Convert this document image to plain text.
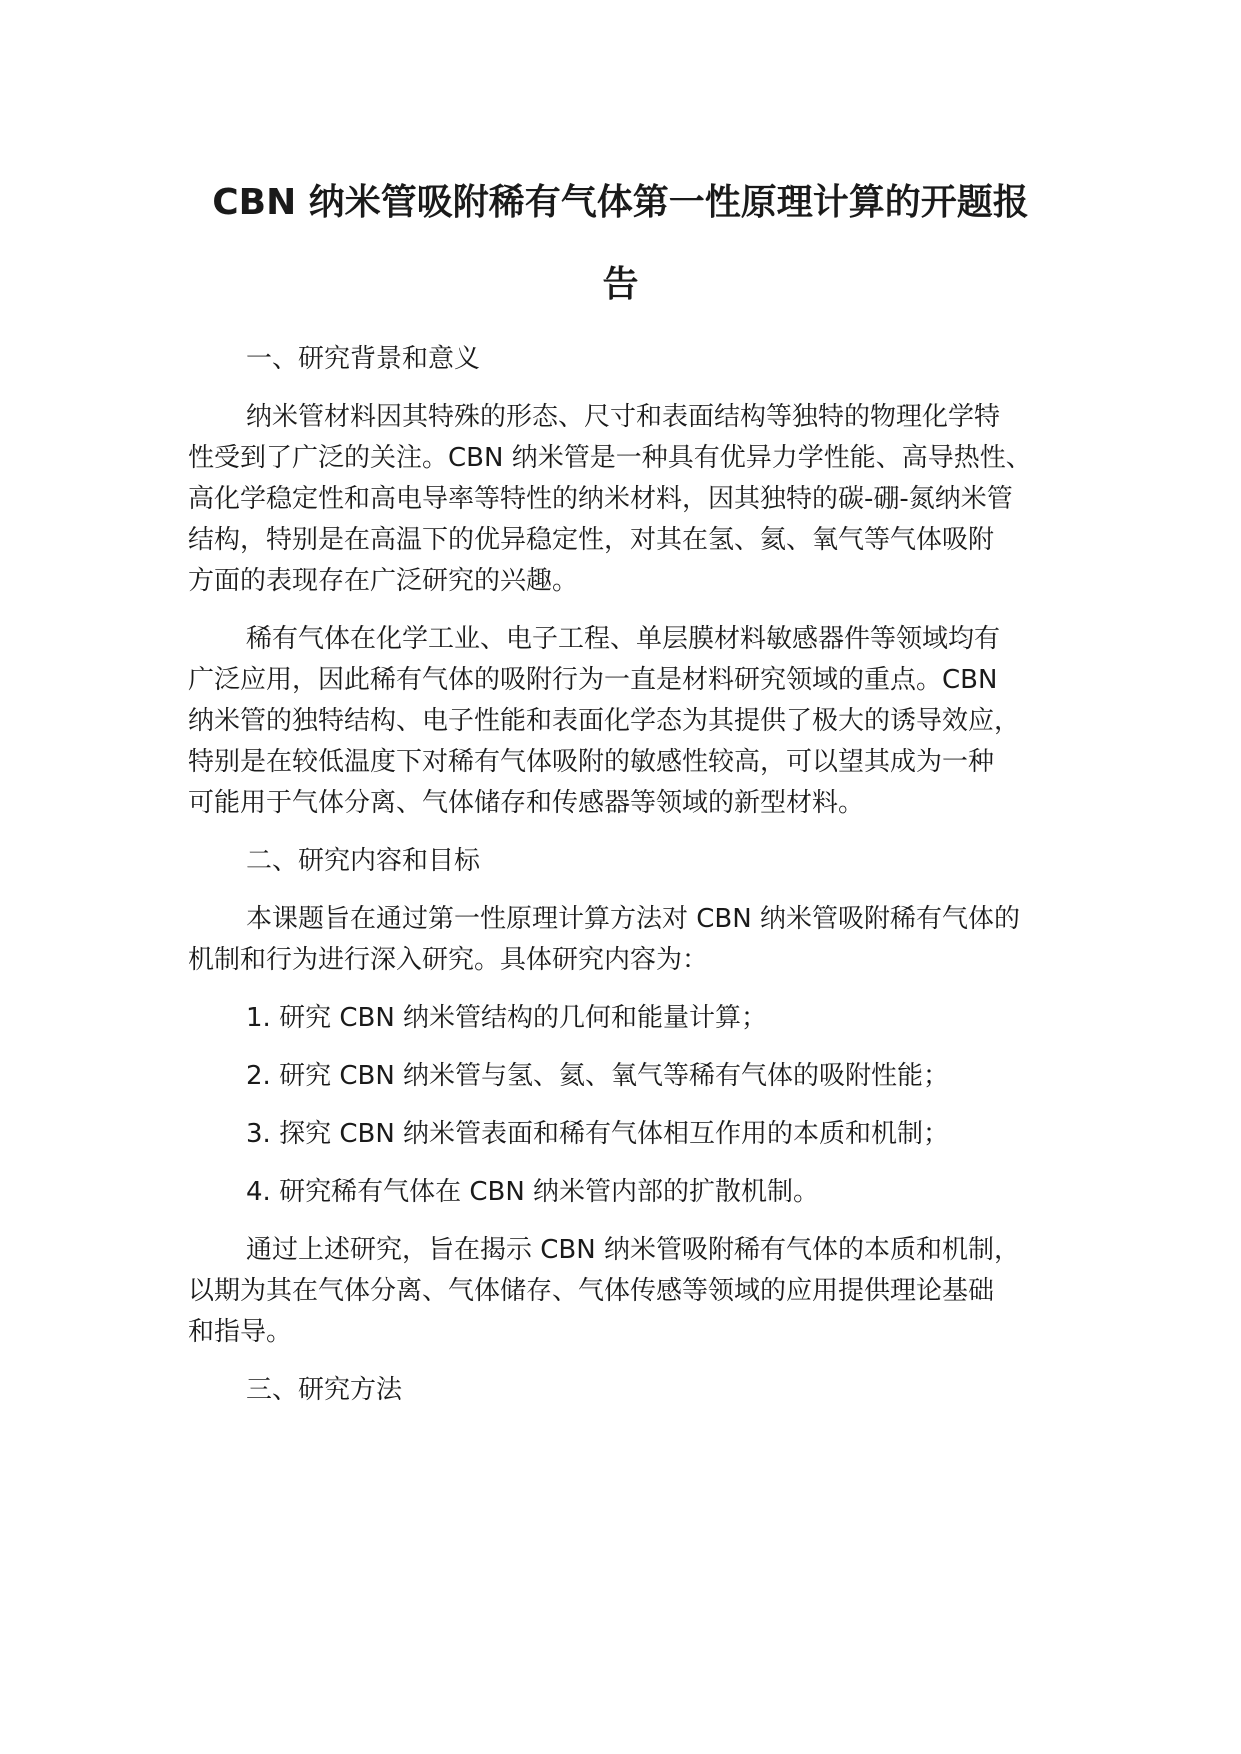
CBN 纳米管吸附稀有气体第一性原理计算的开题报
告

一、研究背景和意义

纳米管材料因其特殊的形态、尺寸和表面结构等独特的物理化学特

性受到了广泛的关注。CBN 纳米管是一种具有优异力学性能、高导热性、

高化学稳定性和高电导率等特性的纳米材料，因其独特的碳-硼-氮纳米管

结构，特别是在高温下的优异稳定性，对其在氢、氦、氧气等气体吸附

方面的表现存在广泛研究的兴趣。

稀有气体在化学工业、电子工程、单层膜材料敏感器件等领域均有

广泛应用，因此稀有气体的吸附行为一直是材料研究领域的重点。CBN

纳米管的独特结构、电子性能和表面化学态为其提供了极大的诱导效应，

特别是在较低温度下对稀有气体吸附的敏感性较高，可以望其成为一种

可能用于气体分离、气体储存和传感器等领域的新型材料。

二、研究内容和目标

本课题旨在通过第一性原理计算方法对 CBN 纳米管吸附稀有气体的

机制和行为进行深入研究。具体研究内容为：

1. 研究 CBN 纳米管结构的几何和能量计算；

2. 研究 CBN 纳米管与氢、氦、氧气等稀有气体的吸附性能；

3. 探究 CBN 纳米管表面和稀有气体相互作用的本质和机制；

4. 研究稀有气体在 CBN 纳米管内部的扩散机制。

通过上述研究，旨在揭示 CBN 纳米管吸附稀有气体的本质和机制，

以期为其在气体分离、气体储存、气体传感等领域的应用提供理论基础

和指导。

三、研究方法
